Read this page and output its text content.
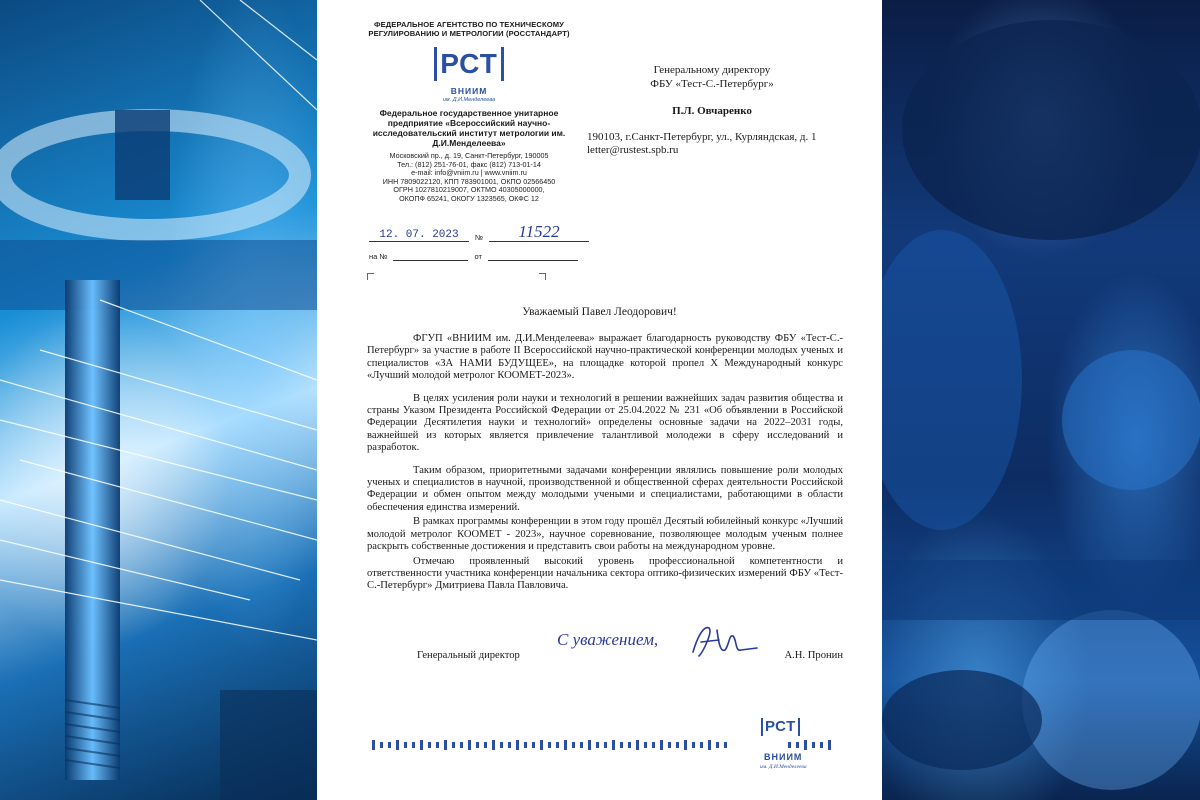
ФЕДЕРАЛЬНОЕ АГЕНТСТВО ПО ТЕХНИЧЕСКОМУ РЕГУЛИРОВАНИЮ И МЕТРОЛОГИИ (РОССТАНДАРТ)
РСТ
ВНИИМ
им. Д.И.Менделеева
Федеральное государственное унитарное предприятие «Всероссийский научно-исследовательский институт метрологии им. Д.И.Менделеева»
Московский пр., д. 19, Санкт-Петербург, 190005
Тел.: (812) 251-76-01, факс (812) 713-01-14
e-mail: info@vniim.ru | www.vniim.ru
ИНН 7809022120, КПП 783901001, ОКПО 02566450
ОГРН 1027810219007, ОКТМО 40305000000,
ОКОПФ 65241, ОКОГУ 1323565, ОКФС 12
12. 07. 2023	№	11522
на №	от
Генеральному директору
ФБУ «Тест-С.-Петербург»
П.Л. Овчаренко
190103, г.Санкт-Петербург, ул., Курляндская, д. 1
letter@rustest.spb.ru
Уважаемый Павел Леодорович!

ФГУП «ВНИИМ им. Д.И.Менделеева» выражает благодарность руководству ФБУ «Тест-С.-Петербург» за участие в работе II Всероссийской научно-практической конференции молодых ученых и специалистов «ЗА НАМИ БУДУЩЕЕ», на площадке которой пропел X Международный конкурс «Лучший молодой метролог КООМЕТ-2023».

В целях усиления роли науки и технологий в решении важнейших задач развития общества и страны Указом Президента Российской Федерации от 25.04.2022 № 231 «Об объявлении в Российской Федерации Десятилетия науки и технологий» определены основные задачи на 2022–2031 годы, важнейшей из которых является привлечение талантливой молодежи в сферу исследований и разработок.

Таким образом, приоритетными задачами конференции являлись повышение роли молодых ученых и специалистов в научной, производственной и общественной сферах деятельности Российской Федерации и обмен опытом между молодыми учеными и специалистами, работающими в области обеспечения единства измерений.

В рамках программы конференции в этом году прошёл Десятый юбилейный конкурс «Лучший молодой метролог КООМЕТ - 2023», научное соревнование, позволяющее молодым ученым полнее раскрыть собственные достижения и представить свои работы на международном уровне.

Отмечаю проявленный высокий уровень профессиональной компетентности и ответственности участника конференции начальника сектора оптико-физических измерений ФБУ «Тест-С.-Петербург» Дмитриева Павла Павловича.

С уважением,
Генеральный директор	А.Н. Пронин
РСТ
ВНИИМ
им. Д.И.Менделеева
